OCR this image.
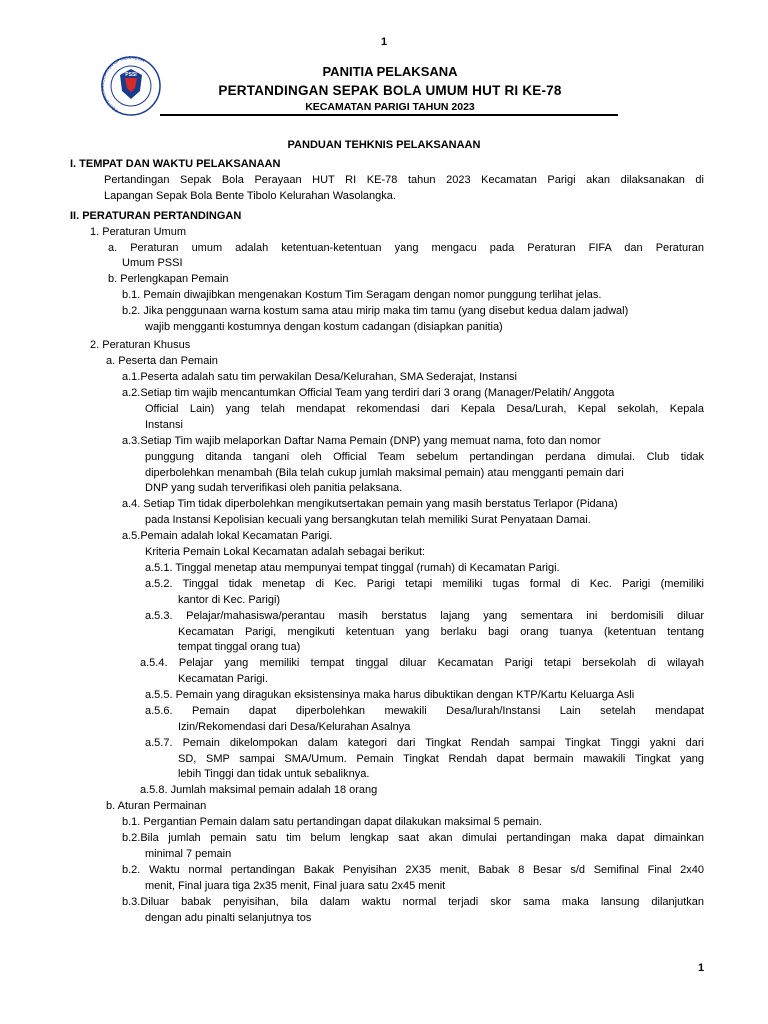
1
PSSI
FOOTBALL ASSOCIATION OF INDONESIA
PANITIA PELAKSANA
PERTANDINGAN SEPAK BOLA UMUM HUT RI KE-78
KECAMATAN PARIGI TAHUN 2023
PANDUAN TEHKNIS PELAKSANAAN
I. TEMPAT DAN WAKTU PELAKSANAAN
Pertandingan Sepak Bola Perayaan HUT RI KE-78 tahun 2023 Kecamatan Parigi akan dilaksanakan di
Lapangan Sepak Bola Bente Tibolo Kelurahan Wasolangka.
II. PERATURAN PERTANDINGAN
1. Peraturan Umum
a. Peraturan umum adalah ketentuan-ketentuan yang mengacu pada Peraturan FIFA dan Peraturan
Umum PSSI
b. Perlengkapan Pemain
b.1. Pemain diwajibkan mengenakan Kostum Tim Seragam dengan nomor punggung terlihat jelas.
b.2. Jika penggunaan warna kostum sama atau mirip maka tim tamu (yang disebut kedua dalam jadwal)
wajib mengganti kostumnya dengan kostum cadangan (disiapkan panitia)
2. Peraturan Khusus
a. Peserta dan Pemain
a.1.Peserta adalah satu tim perwakilan Desa/Kelurahan, SMA Sederajat, Instansi
a.2.Setiap tim wajib mencantumkan Official Team yang terdiri dari 3 orang (Manager/Pelatih/ Anggota
Official Lain) yang telah mendapat rekomendasi dari Kepala Desa/Lurah, Kepal sekolah, Kepala
Instansi
a.3.Setiap Tim wajib melaporkan Daftar Nama Pemain (DNP) yang memuat nama, foto dan nomor
punggung ditanda tangani oleh Official Team sebelum pertandingan perdana dimulai. Club tidak
diperbolehkan menambah (Bila telah cukup jumlah maksimal pemain) atau mengganti pemain dari
DNP yang sudah terverifikasi oleh panitia pelaksana.
a.4. Setiap Tim tidak diperbolehkan mengikutsertakan pemain yang masih berstatus Terlapor (Pidana)
pada Instansi Kepolisian kecuali yang bersangkutan telah memiliki Surat Penyataan Damai.
a.5.Pemain adalah lokal Kecamatan Parigi.
Kriteria Pemain Lokal Kecamatan adalah sebagai berikut:
a.5.1. Tinggal menetap atau mempunyai tempat tinggal (rumah) di Kecamatan Parigi.
a.5.2. Tinggal tidak menetap di Kec. Parigi tetapi memiliki tugas formal di Kec. Parigi (memiliki
kantor di Kec. Parigi)
a.5.3. Pelajar/mahasiswa/perantau masih berstatus lajang yang sementara ini berdomisili diluar
Kecamatan Parigi, mengikuti ketentuan yang berlaku bagi orang tuanya (ketentuan tentang
tempat tinggal orang tua)
a.5.4. Pelajar yang memiliki tempat tinggal diluar Kecamatan Parigi tetapi bersekolah di wilayah
Kecamatan Parigi.
a.5.5. Pemain yang diragukan eksistensinya maka harus dibuktikan dengan KTP/Kartu Keluarga Asli
a.5.6. Pemain dapat diperbolehkan mewakili Desa/lurah/Instansi Lain setelah mendapat
Izin/Rekomendasi dari Desa/Kelurahan Asalnya
a.5.7. Pemain dikelompokan dalam kategori dari Tingkat Rendah sampai Tingkat Tinggi yakni dari
SD, SMP sampai SMA/Umum. Pemain Tingkat Rendah dapat bermain mawakili Tingkat yang
lebih Tinggi dan tidak untuk sebaliknya.
a.5.8. Jumlah maksimal pemain adalah 18 orang
b. Aturan Permainan
b.1. Pergantian Pemain dalam satu pertandingan dapat dilakukan maksimal 5 pemain.
b.2.Bila jumlah pemain satu tim belum lengkap saat akan dimulai pertandingan maka dapat dimainkan
minimal 7 pemain
b.2. Waktu normal pertandingan Bakak Penyisihan 2X35 menit, Babak 8 Besar s/d Semifinal Final 2x40
menit, Final juara tiga 2x35 menit, Final juara satu 2x45 menit
b.3.Diluar babak penyisihan, bila dalam waktu normal terjadi skor sama maka lansung dilanjutkan
dengan adu pinalti selanjutnya tos
1
